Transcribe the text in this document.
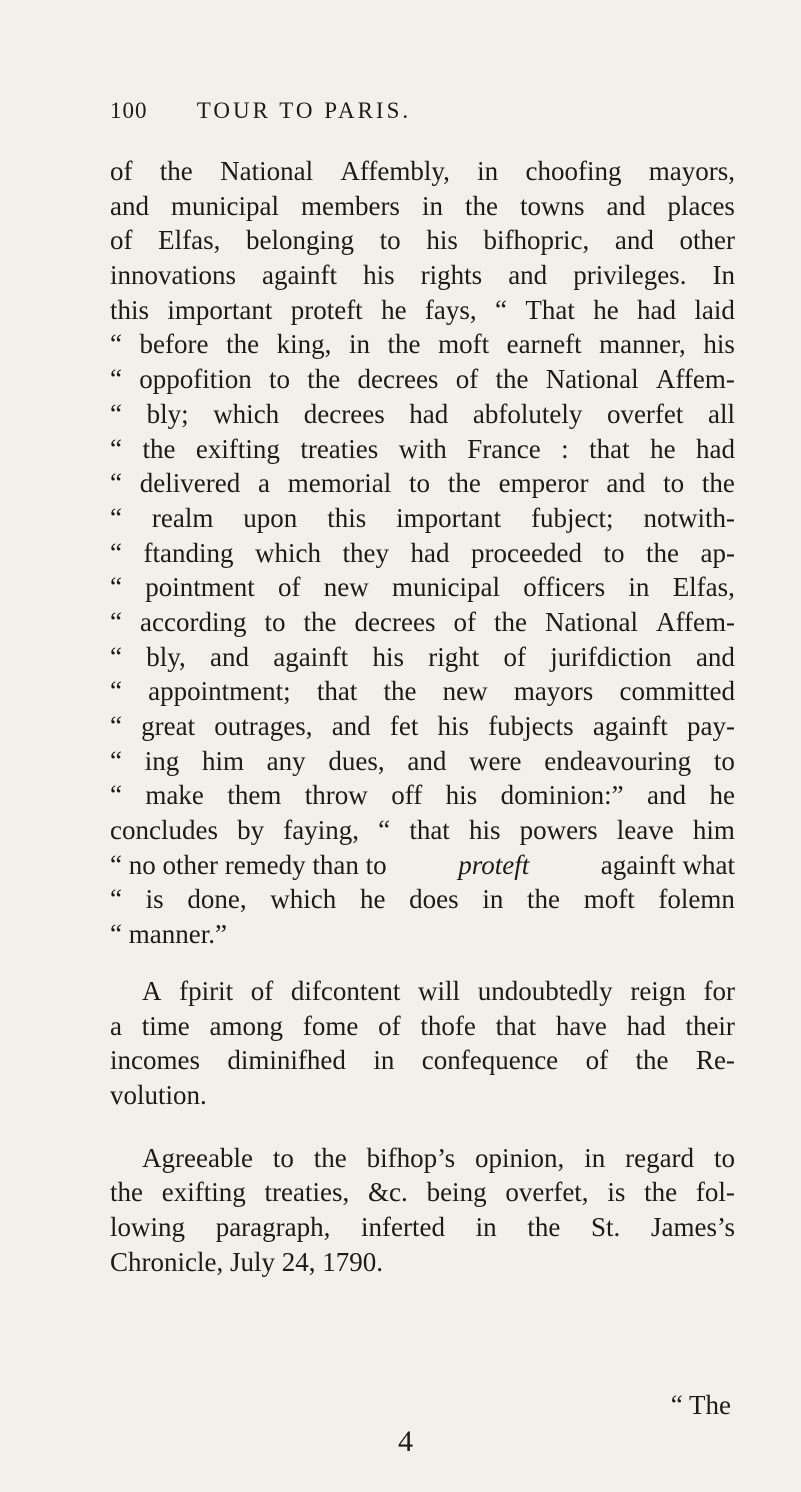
100 TOUR TO PARIS.
of the National Affembly, in choofing mayors,
and municipal members in the towns and places
of Elfas, belonging to his bifhopric, and other
innovations againft his rights and privileges. In
this important proteft he fays, “ That he had laid
“ before the king, in the moft earneft manner, his
“ oppofition to the decrees of the National Affem-
“ bly; which decrees had abfolutely overfet all
“ the exifting treaties with France : that he had
“ delivered a memorial to the emperor and to the
“ realm upon this important fubject; notwith-
“ ftanding which they had proceeded to the ap-
“ pointment of new municipal officers in Elfas,
“ according to the decrees of the National Affem-
“ bly, and againft his right of jurifdiction and
“ appointment; that the new mayors committed
“ great outrages, and fet his fubjects againft pay-
“ ing him any dues, and were endeavouring to
“ make them throw off his dominion:” and he
concludes by faying, “ that his powers leave him
“ no other remedy than to	proteft	againft what
“ is done, which he does in the moft folemn
“ manner.”
A fpirit of difcontent will undoubtedly reign for
a time among fome of thofe that have had their
incomes diminifhed in confequence of the Re-
volution.
Agreeable to the bifhop’s opinion, in regard to
the exifting treaties, &c. being overfet, is the fol-
lowing paragraph, inferted in the St. James’s
Chronicle, July 24, 1790.
“ The
4
